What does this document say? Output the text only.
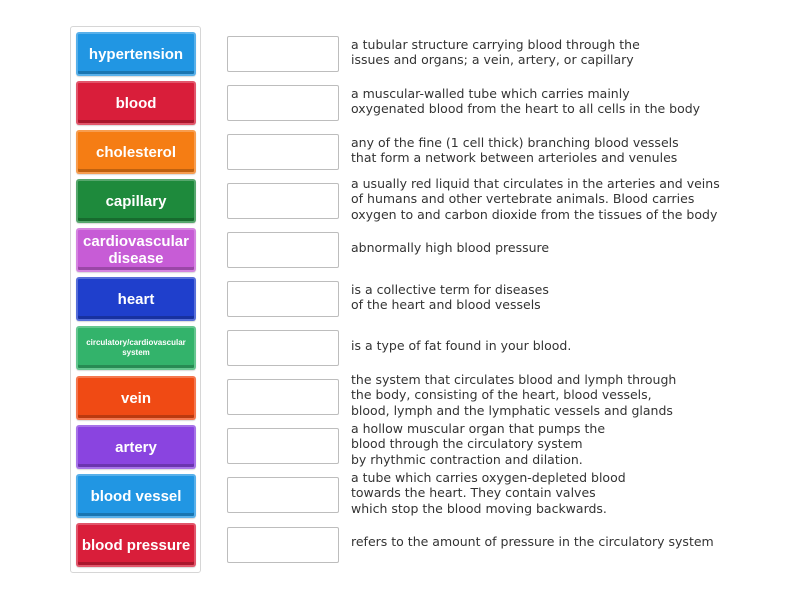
hypertension
blood
cholesterol
capillary
cardiovascular disease
heart
circulatory/cardiovascular system
vein
artery
blood vessel
blood pressure
a tubular structure carrying blood through the
issues and organs; a vein, artery, or capillary
a muscular-walled tube which carries mainly
oxygenated blood from the heart to all cells in the body
any of the fine (1 cell thick) branching blood vessels
that form a network between arterioles and venules
a usually red liquid that circulates in the arteries and veins
of humans and other vertebrate animals. Blood carries
oxygen to and carbon dioxide from the tissues of the body
abnormally high blood pressure
is a collective term for diseases
of the heart and blood vessels
is a type of fat found in your blood.
the system that circulates blood and lymph through
the body, consisting of the heart, blood vessels,
blood, lymph and the lymphatic vessels and glands
a hollow muscular organ that pumps the
blood through the circulatory system
by rhythmic contraction and dilation.
a tube which carries oxygen-depleted blood
towards the heart. They contain valves
which stop the blood moving backwards.
refers to the amount of pressure in the circulatory system
